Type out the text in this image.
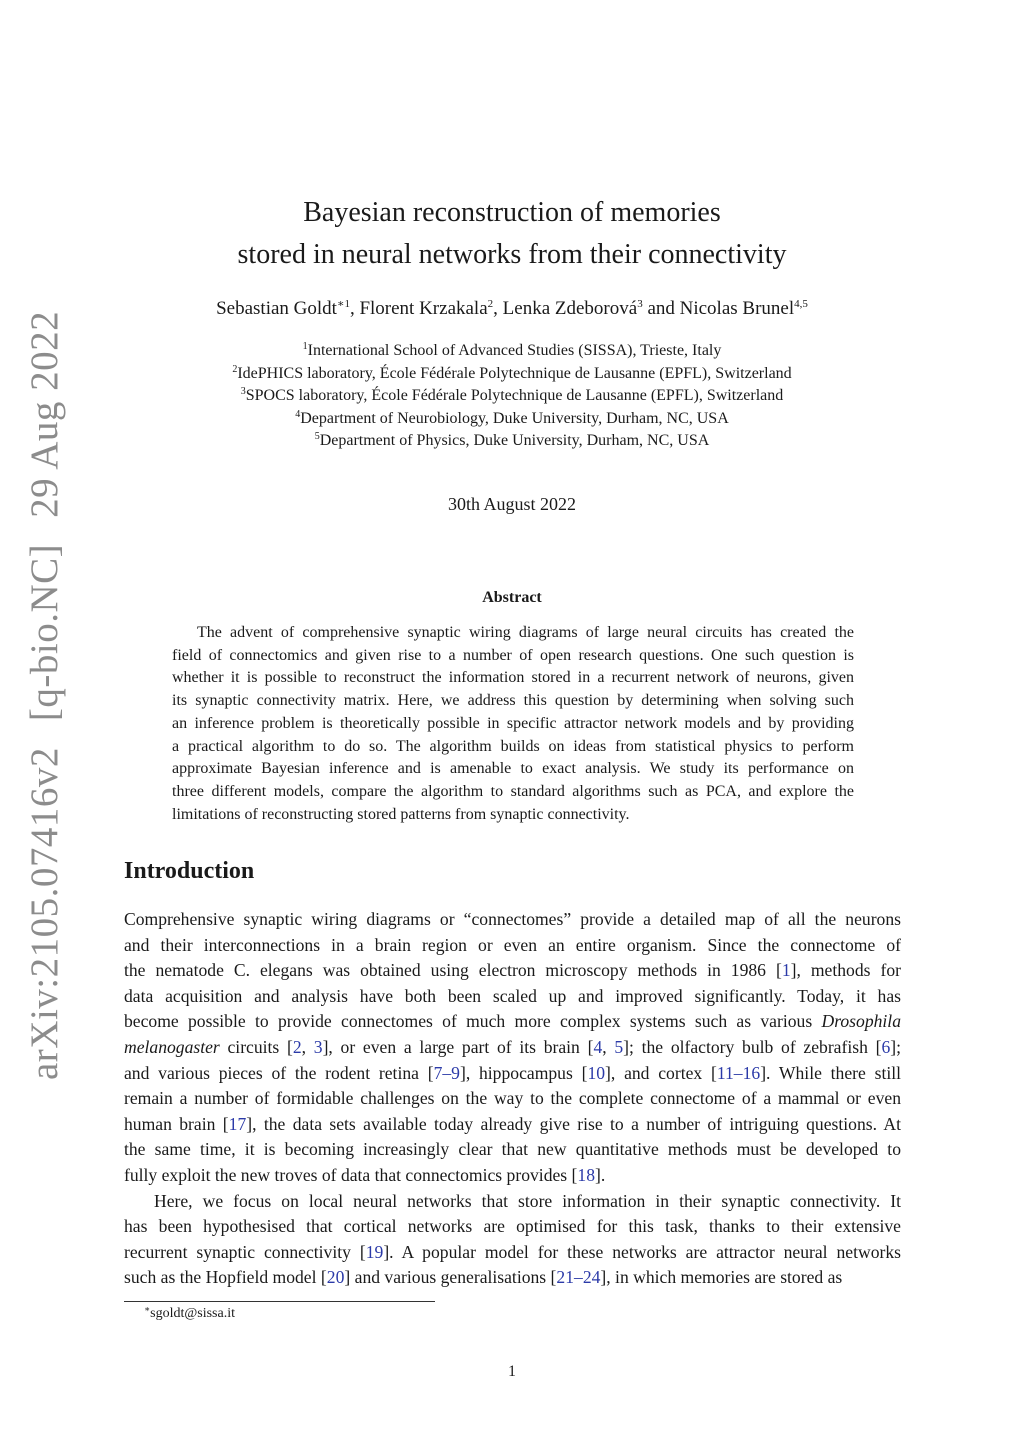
arXiv:2105.07416v2[q-bio.NC]29 Aug 2022
Bayesian reconstruction of memories
stored in neural networks from their connectivity
Sebastian Goldt$^{∗1}$, Florent Krzakala$^2$, Lenka Zdeborová$^3$ and Nicolas Brunel$^{4,5}$
$^1$International School of Advanced Studies (SISSA), Trieste, Italy
$^2$IdePHICS laboratory, École Fédérale Polytechnique de Lausanne (EPFL), Switzerland
$^3$SPOCS laboratory, École Fédérale Polytechnique de Lausanne (EPFL), Switzerland
$^4$Department of Neurobiology, Duke University, Durham, NC, USA
$^5$Department of Physics, Duke University, Durham, NC, USA
30th August 2022
Abstract
The advent of comprehensive synaptic wiring diagrams of large neural circuits has created the
field of connectomics and given rise to a number of open research questions. One such question is
whether it is possible to reconstruct the information stored in a recurrent network of neurons, given
its synaptic connectivity matrix. Here, we address this question by determining when solving such
an inference problem is theoretically possible in specific attractor network models and by providing
a practical algorithm to do so. The algorithm builds on ideas from statistical physics to perform
approximate Bayesian inference and is amenable to exact analysis. We study its performance on
three different models, compare the algorithm to standard algorithms such as PCA, and explore the
limitations of reconstructing stored patterns from synaptic connectivity.
Introduction
Comprehensive synaptic wiring diagrams or “connectomes” provide a detailed map of all the neurons
and their interconnections in a brain region or even an entire organism. Since the connectome of
the nematode C. elegans was obtained using electron microscopy methods in 1986 [1], methods for
data acquisition and analysis have both been scaled up and improved significantly. Today, it has
become possible to provide connectomes of much more complex systems such as various Drosophila
melanogaster circuits [2, 3], or even a large part of its brain [4, 5]; the olfactory bulb of zebrafish [6];
and various pieces of the rodent retina [7–9], hippocampus [10], and cortex [11–16]. While there still
remain a number of formidable challenges on the way to the complete connectome of a mammal or even
human brain [17], the data sets available today already give rise to a number of intriguing questions. At
the same time, it is becoming increasingly clear that new quantitative methods must be developed to
fully exploit the new troves of data that connectomics provides [18].
Here, we focus on local neural networks that store information in their synaptic connectivity. It
has been hypothesised that cortical networks are optimised for this task, thanks to their extensive
recurrent synaptic connectivity [19]. A popular model for these networks are attractor neural networks
such as the Hopfield model [20] and various generalisations [21–24], in which memories are stored as
∗sgoldt@sissa.it
1
